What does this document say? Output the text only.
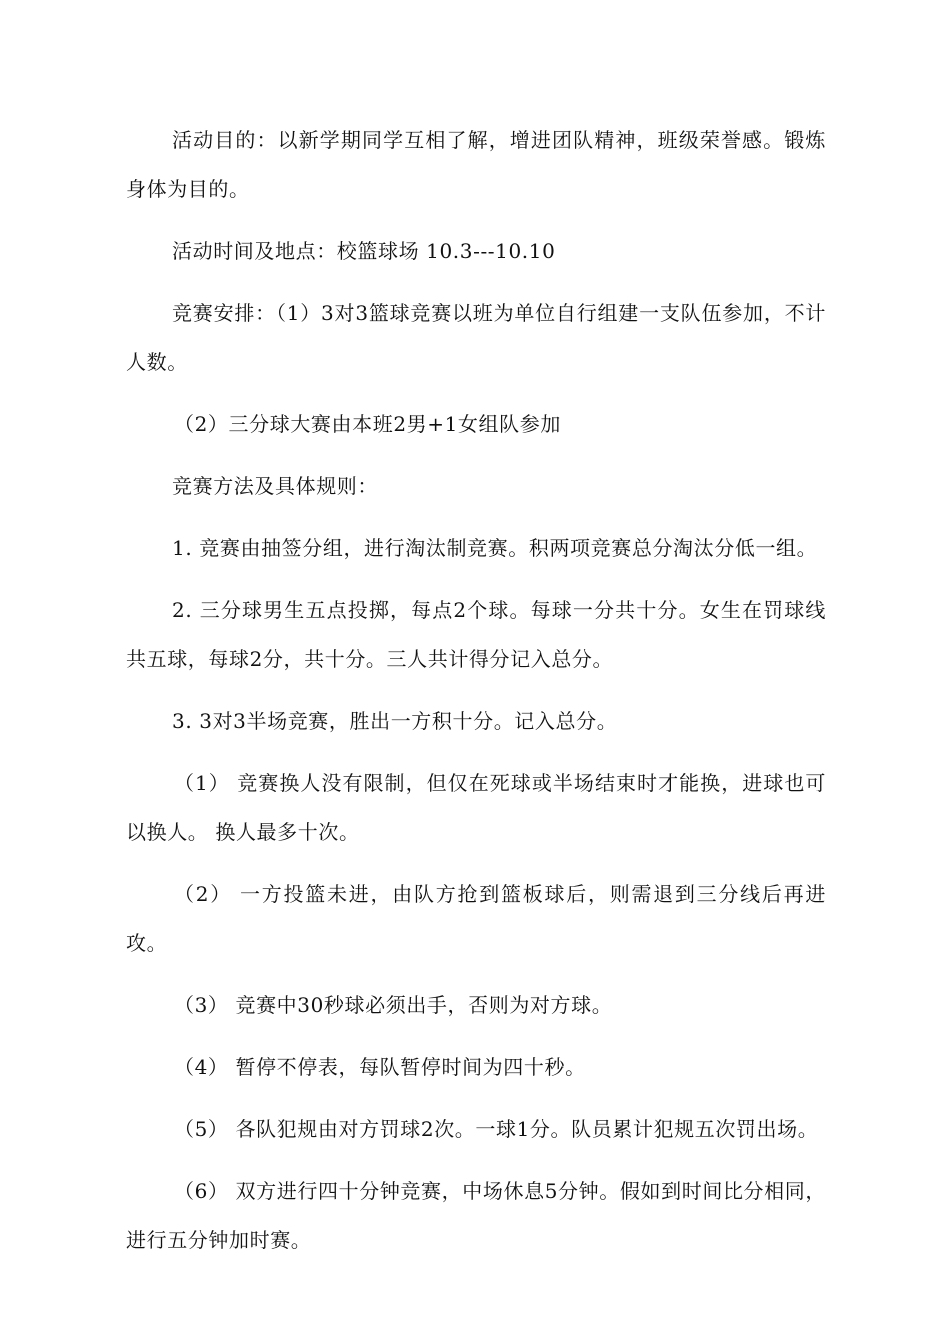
活动目的：以新学期同学互相了解，增进团队精神，班级荣誉感。锻炼身体为目的。

活动时间及地点：校篮球场 10.3---10.10

竞赛安排：（1）3对3篮球竞赛以班为单位自行组建一支队伍参加，不计人数。

（2）三分球大赛由本班2男+1女组队参加

竞赛方法及具体规则：

1. 竞赛由抽签分组，进行淘汰制竞赛。积两项竞赛总分淘汰分低一组。

2. 三分球男生五点投掷，每点2个球。每球一分共十分。女生在罚球线共五球，每球2分，共十分。三人共计得分记入总分。

3. 3对3半场竞赛，胜出一方积十分。记入总分。

（1） 竞赛换人没有限制，但仅在死球或半场结束时才能换，进球也可以换人。 换人最多十次。

（2） 一方投篮未进，由队方抢到篮板球后，则需退到三分线后再进攻。

（3） 竞赛中30秒球必须出手，否则为对方球。

（4） 暂停不停表，每队暂停时间为四十秒。

（5） 各队犯规由对方罚球2次。一球1分。队员累计犯规五次罚出场。

（6） 双方进行四十分钟竞赛，中场休息5分钟。假如到时间比分相同，进行五分钟加时赛。
